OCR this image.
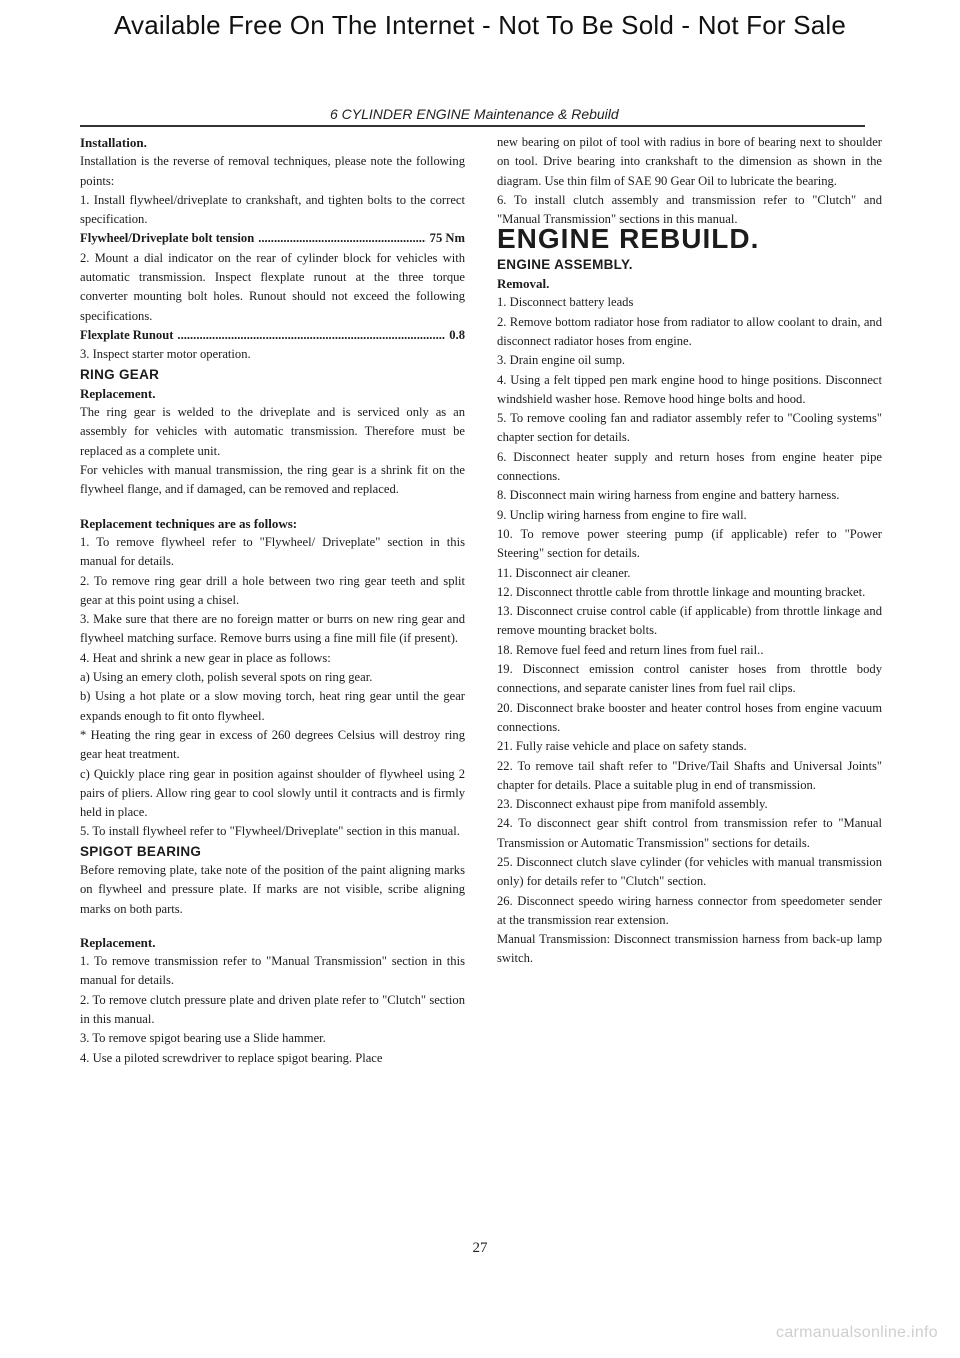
Available Free On The Internet - Not To Be Sold - Not For Sale
6 CYLINDER ENGINE Maintenance & Rebuild

Installation.

Installation is the reverse of removal techniques, please note the following points:

1. Install flywheel/driveplate to crankshaft, and tighten bolts to the correct specification.

Flywheel/Driveplate bolt tension .....	75 Nm

2. Mount a dial indicator on the rear of cylinder block for vehicles with automatic transmission. Inspect flexplate runout at the three torque converter mounting bolt holes. Runout should not exceed the following specifications.

Flexplate Runout .....	0.8

3. Inspect starter motor operation.

RING GEAR

Replacement.

The ring gear is welded to the driveplate and is serviced only as an assembly for vehicles with automatic transmission. Therefore must be replaced as a complete unit.

For vehicles with manual transmission, the ring gear is a shrink fit on the flywheel flange, and if damaged, can be removed and replaced.

Replacement techniques are as follows:

1. To remove flywheel refer to "Flywheel/ Driveplate" section in this manual for details.

2. To remove ring gear drill a hole between two ring gear teeth and split gear at this point using a chisel.

3. Make sure that there are no foreign matter or burrs on new ring gear and flywheel matching surface. Remove burrs using a fine mill file (if present).

4. Heat and shrink a new gear in place as follows:

a) Using an emery cloth, polish several spots on ring gear.

b) Using a hot plate or a slow moving torch, heat ring gear until the gear expands enough to fit onto flywheel.

* Heating the ring gear in excess of 260 degrees Celsius will destroy ring gear heat treatment.

c) Quickly place ring gear in position against shoulder of flywheel using 2 pairs of pliers. Allow ring gear to cool slowly until it contracts and is firmly held in place.

5. To install flywheel refer to "Flywheel/Driveplate" section in this manual.

SPIGOT BEARING

Before removing plate, take note of the position of the paint aligning marks on flywheel and pressure plate. If marks are not visible, scribe aligning marks on both parts.

Replacement.

1. To remove transmission refer to "Manual Transmission" section in this manual for details.

2. To remove clutch pressure plate and driven plate refer to "Clutch" section in this manual.

3. To remove spigot bearing use a Slide hammer.

4. Use a piloted screwdriver to replace spigot bearing. Place

new bearing on pilot of tool with radius in bore of bearing next to shoulder on tool. Drive bearing into crankshaft to the dimension as shown in the diagram. Use thin film of SAE 90 Gear Oil to lubricate the bearing.

6. To install clutch assembly and transmission refer to "Clutch" and "Manual Transmission" sections in this manual.

ENGINE REBUILD.

ENGINE ASSEMBLY.

Removal.

1. Disconnect battery leads

2. Remove bottom radiator hose from radiator to allow coolant to drain, and disconnect radiator hoses from engine.

3. Drain engine oil sump.

4. Using a felt tipped pen mark engine hood to hinge positions. Disconnect windshield washer hose. Remove hood hinge bolts and hood.

5. To remove cooling fan and radiator assembly refer to "Cooling systems" chapter section for details.

6. Disconnect heater supply and return hoses from engine heater pipe connections.

8. Disconnect main wiring harness from engine and battery harness.

9. Unclip wiring harness from engine to fire wall.

10. To remove power steering pump (if applicable) refer to "Power Steering" section for details.

11. Disconnect air cleaner.

12. Disconnect throttle cable from throttle linkage and mounting bracket.

13. Disconnect cruise control cable (if applicable) from throttle linkage and remove mounting bracket bolts.

18. Remove fuel feed and return lines from fuel rail..

19. Disconnect emission control canister hoses from throttle body connections, and separate canister lines from fuel rail clips.

20. Disconnect brake booster and heater control hoses from engine vacuum connections.

21. Fully raise vehicle and place on safety stands.

22. To remove tail shaft refer to "Drive/Tail Shafts and Universal Joints" chapter for details. Place a suitable plug in end of transmission.

23. Disconnect exhaust pipe from manifold assembly.

24. To disconnect gear shift control from transmission refer to "Manual Transmission or Automatic Transmission" sections for details.

25. Disconnect clutch slave cylinder (for vehicles with manual transmission only) for details refer to "Clutch" section.

26. Disconnect speedo wiring harness connector from speedometer sender at the transmission rear extension.

Manual Transmission: Disconnect transmission harness from back-up lamp switch.

27
carmanualsonline.info
